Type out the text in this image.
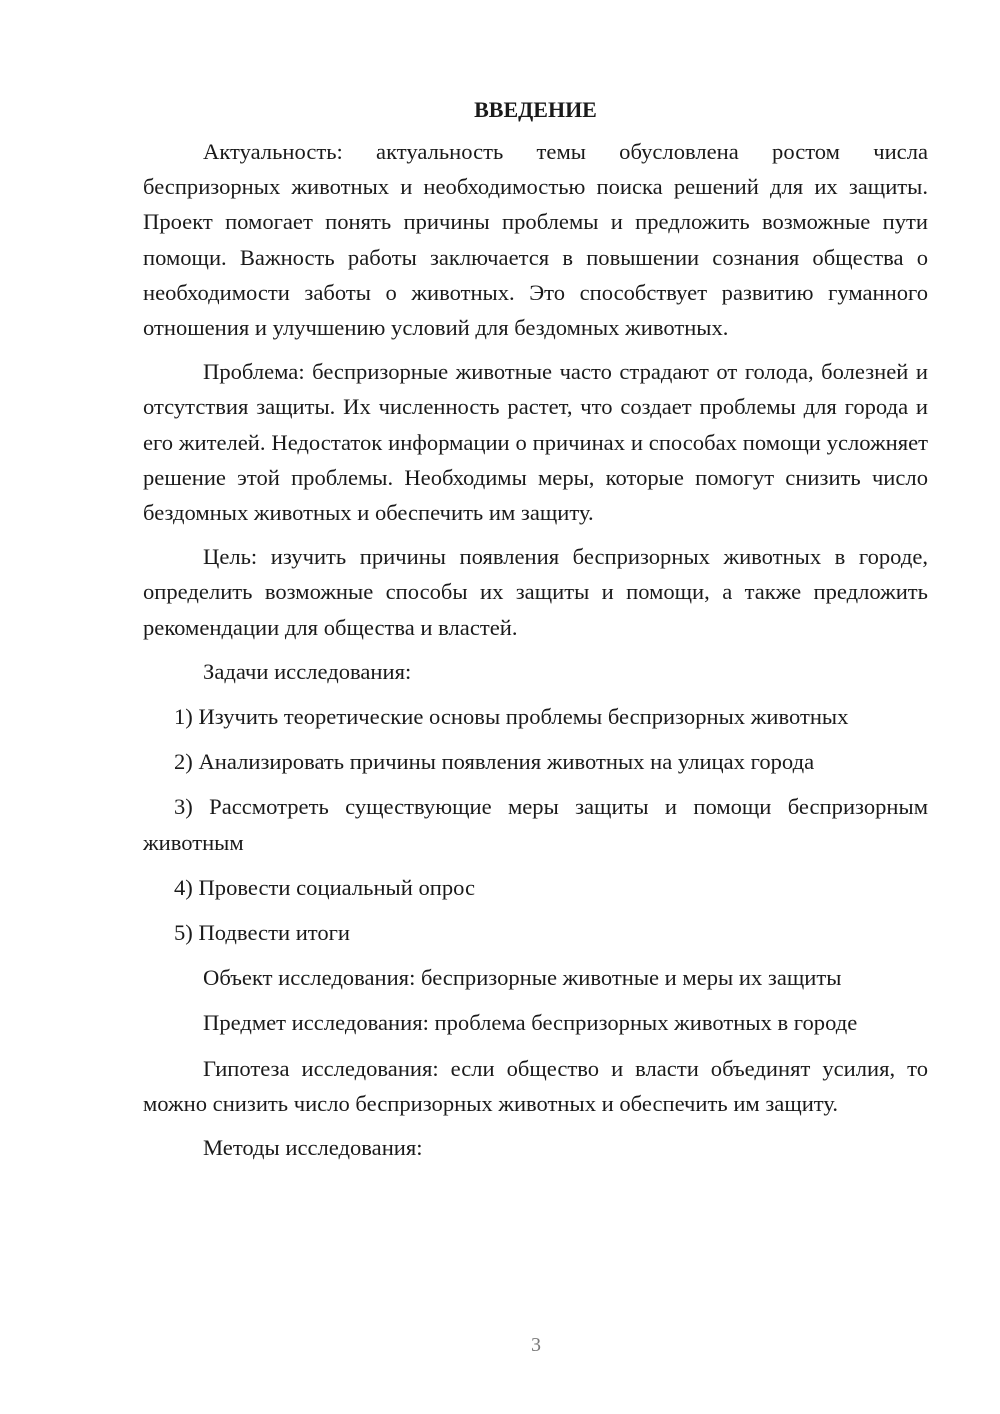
ВВЕДЕНИЕ

Актуальность: актуальность темы обусловлена ростом числа беспризорных животных и необходимостью поиска решений для их защиты. Проект помогает понять причины проблемы и предложить возможные пути помощи. Важность работы заключается в повышении сознания общества о необходимости заботы о животных. Это способствует развитию гуманного отношения и улучшению условий для бездомных животных.

Проблема: беспризорные животные часто страдают от голода, болезней и отсутствия защиты. Их численность растет, что создает проблемы для города и его жителей. Недостаток информации о причинах и способах помощи усложняет решение этой проблемы. Необходимы меры, которые помогут снизить число бездомных животных и обеспечить им защиту.

Цель: изучить причины появления беспризорных животных в городе, определить возможные способы их защиты и помощи, а также предложить рекомендации для общества и властей.

Задачи исследования:

1) Изучить теоретические основы проблемы беспризорных животных

2) Анализировать причины появления животных на улицах города

3) Рассмотреть существующие меры защиты и помощи беспризорным животным

4) Провести социальный опрос

5) Подвести итоги

Объект исследования: беспризорные животные и меры их защиты

Предмет исследования: проблема беспризорных животных в городе

Гипотеза исследования: если общество и власти объединят усилия, то можно снизить число беспризорных животных и обеспечить им защиту.

Методы исследования:

3
